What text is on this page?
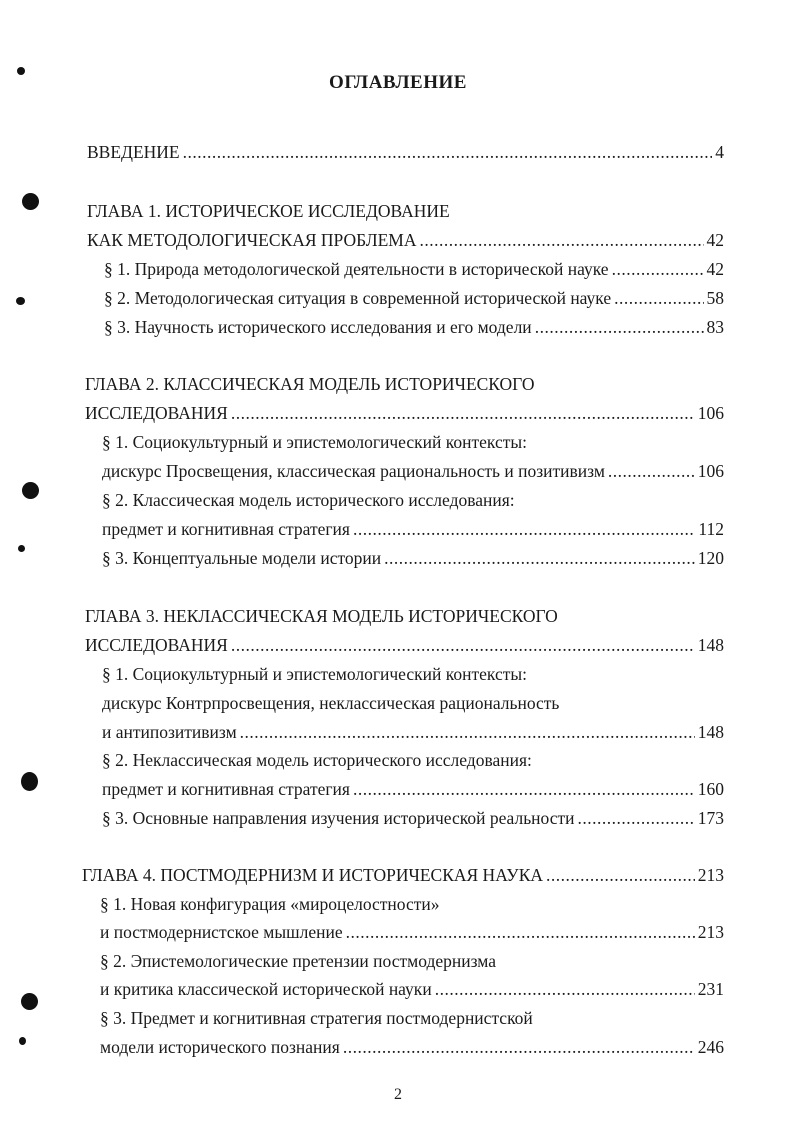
ОГЛАВЛЕНИЕ
ВВЕДЕНИЕ .....	4
ГЛАВА 1. ИСТОРИЧЕСКОЕ ИССЛЕДОВАНИЕ
КАК МЕТОДОЛОГИЧЕСКАЯ ПРОБЛЕМА .....	42
§ 1. Природа методологической деятельности в исторической науке .....	42
§ 2. Методологическая ситуация в современной исторической науке .....	58
§ 3. Научность исторического исследования и его модели .....	83
ГЛАВА 2. КЛАССИЧЕСКАЯ МОДЕЛЬ ИСТОРИЧЕСКОГО
ИССЛЕДОВАНИЯ .....	106
§ 1. Социокультурный и эпистемологический контексты:
дискурс Просвещения, классическая рациональность и позитивизм .....	106
§ 2. Классическая модель исторического исследования:
предмет и когнитивная стратегия .....	112
§ 3. Концептуальные модели истории .....	120
ГЛАВА 3. НЕКЛАССИЧЕСКАЯ МОДЕЛЬ ИСТОРИЧЕСКОГО
ИССЛЕДОВАНИЯ .....	148
§ 1. Социокультурный и эпистемологический контексты:
дискурс Контрпросвещения, неклассическая рациональность
и антипозитивизм .....	148
§ 2. Неклассическая модель исторического исследования:
предмет и когнитивная стратегия .....	160
§ 3. Основные направления изучения исторической реальности .....	173
ГЛАВА 4. ПОСТМОДЕРНИЗМ И ИСТОРИЧЕСКАЯ НАУКА .....	213
§ 1. Новая конфигурация «мироцелостности»
и постмодернистское мышление .....	213
§ 2. Эпистемологические претензии постмодернизма
и критика классической исторической науки .....	231
§ 3. Предмет и когнитивная стратегия постмодернистской
модели исторического познания .....	246
2
